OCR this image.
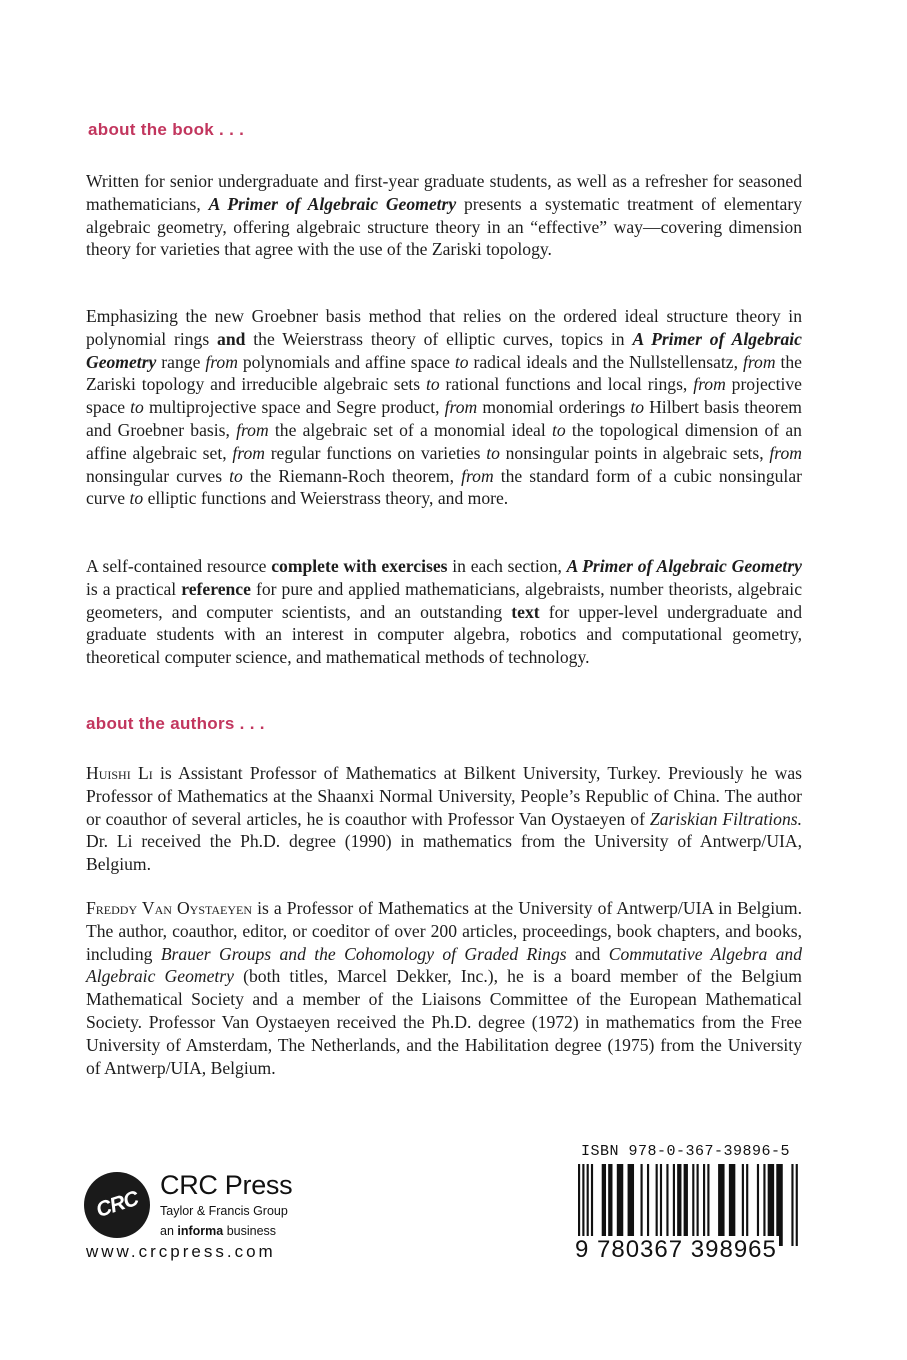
about the book . . .

Written for senior undergraduate and first-year graduate students, as well as a refresher for seasoned mathematicians, A Primer of Algebraic Geometry presents a systematic treatment of elementary algebraic geometry, offering algebraic structure theory in an “effective” way—covering dimension theory for varieties that agree with the use of the Zariski topology.

Emphasizing the new Groebner basis method that relies on the ordered ideal structure theory in polynomial rings and the Weierstrass theory of elliptic curves, topics in A Primer of Algebraic Geometry range from polynomials and affine space to radical ideals and the Nullstellensatz, from the Zariski topology and irreducible algebraic sets to rational functions and local rings, from projective space to multiprojective space and Segre product, from monomial orderings to Hilbert basis theorem and Groebner basis, from the algebraic set of a monomial ideal to the topological dimension of an affine algebraic set, from regular functions on varieties to nonsingular points in algebraic sets, from nonsingular curves to the Riemann-Roch theorem, from the standard form of a cubic nonsingular curve to elliptic functions and Weierstrass theory, and more.

A self-contained resource complete with exercises in each section, A Primer of Algebraic Geometry is a practical reference for pure and applied mathematicians, algebraists, number theorists, algebraic geometers, and computer scientists, and an outstanding text for upper-level undergraduate and graduate students with an interest in computer algebra, robotics and computational geometry, theoretical computer science, and mathematical methods of technology.

about the authors . . .

Huishi Li is Assistant Professor of Mathematics at Bilkent University, Turkey. Previously he was Professor of Mathematics at the Shaanxi Normal University, People’s Republic of China. The author or coauthor of several articles, he is coauthor with Professor Van Oystaeyen of Zariskian Filtrations. Dr. Li received the Ph.D. degree (1990) in mathematics from the University of Antwerp/UIA, Belgium.

Freddy Van Oystaeyen is a Professor of Mathematics at the University of Antwerp/UIA in Belgium. The author, coauthor, editor, or coeditor of over 200 articles, proceedings, book chapters, and books, including Brauer Groups and the Cohomology of Graded Rings and Commutative Algebra and Algebraic Geometry (both titles, Marcel Dekker, Inc.), he is a board member of the Belgium Mathematical Society and a member of the Liaisons Committee of the European Mathematical Society. Professor Van Oystaeyen received the Ph.D. degree (1972) in mathematics from the Free University of Amsterdam, The Netherlands, and the Habilitation degree (1975) from the University of Antwerp/UIA, Belgium.

CRC
CRC Press
Taylor & Francis Group
an informa business
www.crcpress.com
ISBN 978-0-367-39896-5
9 780367 398965
